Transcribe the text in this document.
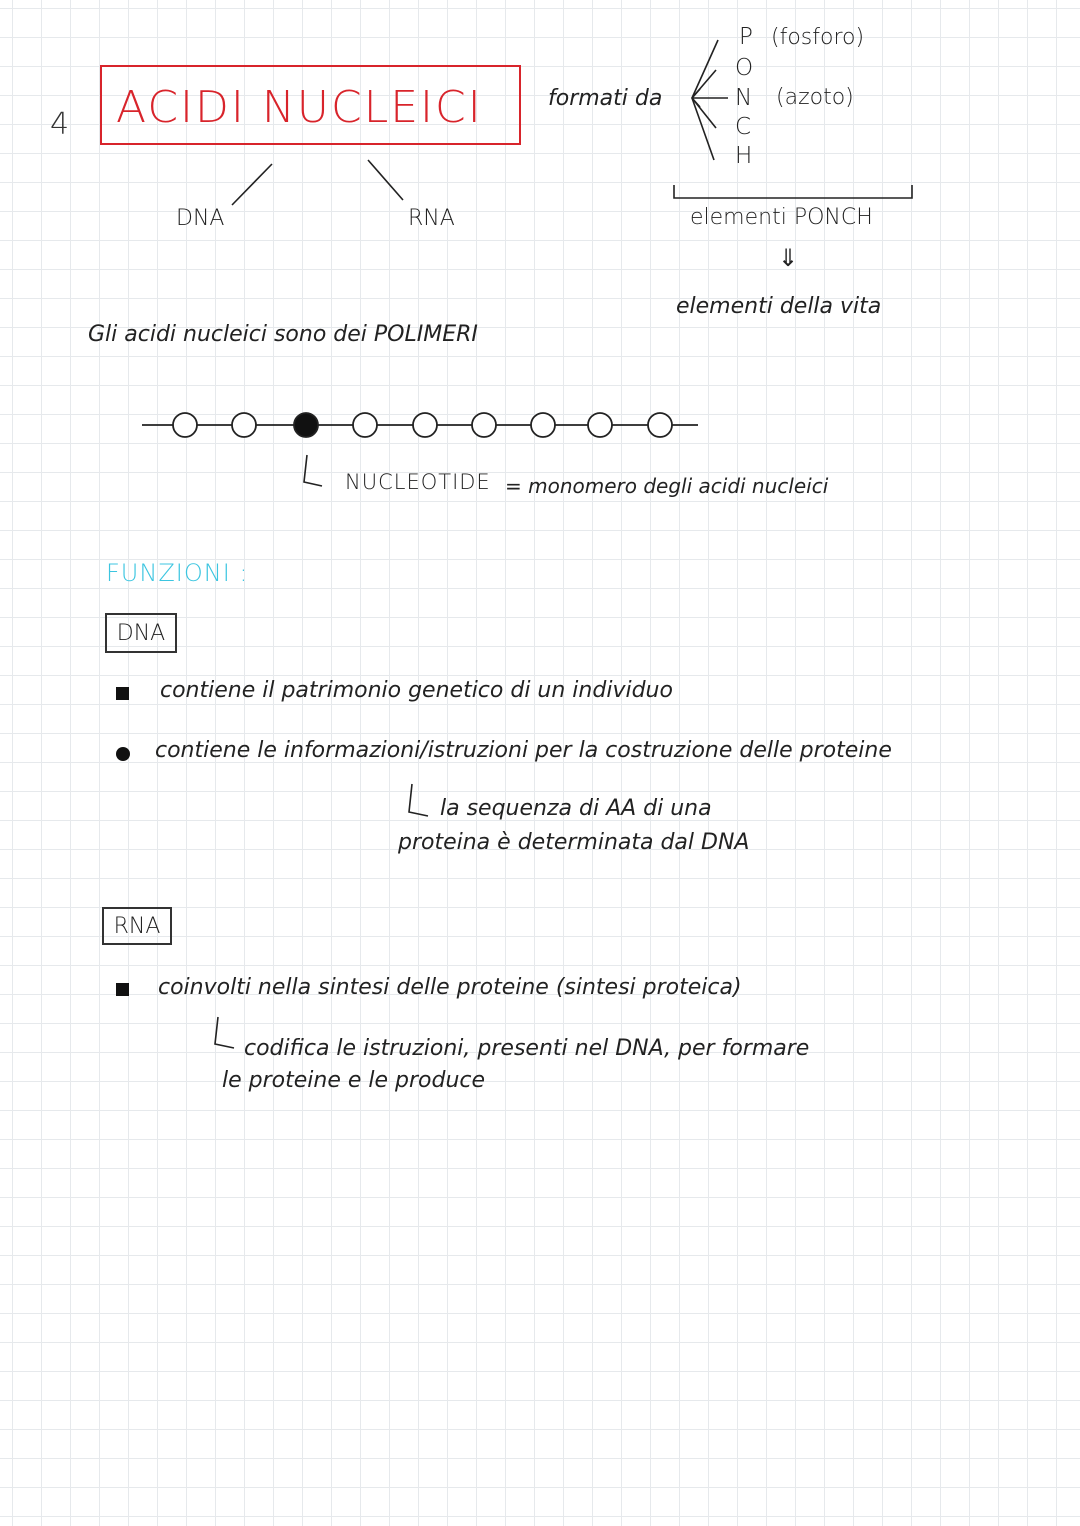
4 ACIDI NUCLEICI
DNA	RNA
formati da
P (fosforo)
O
N (azoto)
C
H
elementi PONCH
⇓
elementi della vita
Gli acidi nucleici sono dei POLIMERI
NUCLEOTIDE = monomero degli acidi nucleici
FUNZIONI :
DNA
contiene il patrimonio genetico di un individuo
contiene le informazioni/istruzioni per la costruzione delle proteine
la sequenza di AA di una
proteina è determinata dal DNA
RNA
coinvolti nella sintesi delle proteine (sintesi proteica)
codifica le istruzioni, presenti nel DNA, per formare
le proteine e le produce
